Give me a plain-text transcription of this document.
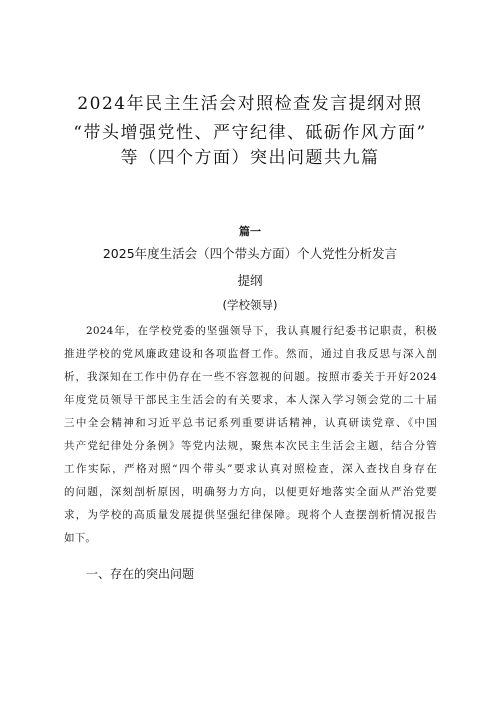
2024年民主生活会对照检查发言提纲对照
“带头增强党性、严守纪律、砥砺作风方面”
等（四个方面）突出问题共九篇
篇一
2025年度生活会（四个带头方面）个人党性分析发言
提纲
(学校领导)
2024年，在学校党委的坚强领导下，我认真履行纪委书记职责，积极
推进学校的党风廉政建设和各项监督工作。然而，通过自我反思与深入剖
析，我深知在工作中仍存在一些不容忽视的问题。按照市委关于开好2024
年度党员领导干部民主生活会的有关要求，本人深入学习领会党的二十届
三中全会精神和习近平总书记系列重要讲话精神，认真研读党章、《中国
共产党纪律处分条例》等党内法规，聚焦本次民主生活会主题，结合分管
工作实际，严格对照“四个带头”要求认真对照检查，深入查找自身存在
的问题，深刻剖析原因，明确努力方向，以便更好地落实全面从严治党要
求，为学校的高质量发展提供坚强纪律保障。现将个人查摆剖析情况报告
如下。
一、存在的突出问题
